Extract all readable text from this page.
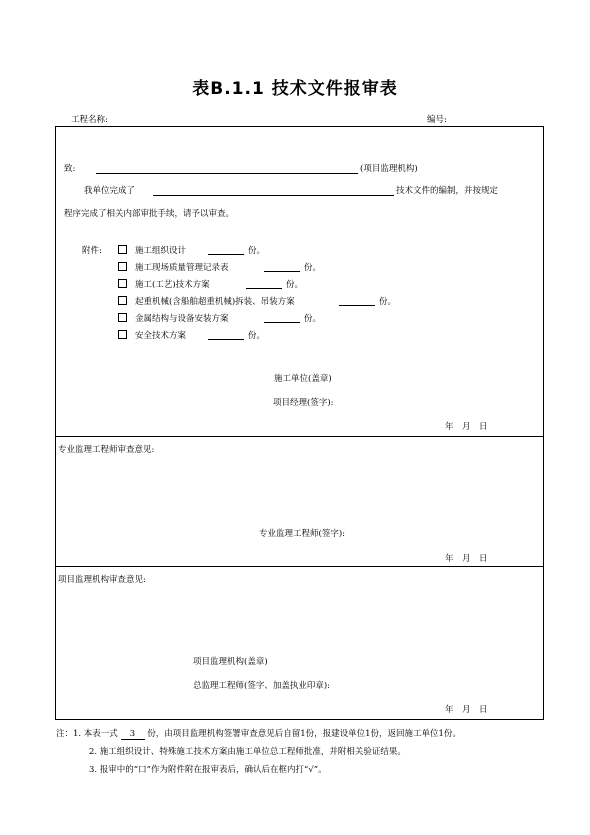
表B.1.1 技术文件报审表
工程名称:	编号:
致:	(项目监理机构)
我单位完成了	技术文件的编制，并按规定
程序完成了相关内部审批手续，请予以审查。
附件:	施工组织设计	份。
施工现场质量管理记录表	份。
施工(工艺)技术方案	份。
起重机械(含船舶超重机械)拆装、吊装方案	份。
金属结构与设备安装方案	份。
安全技术方案	份。
施工单位(盖章)
项目经理(签字):
年　月　日
专业监理工程师审查意见:
专业监理工程师(签字):
年　月　日
项目监理机构审查意见:
项目监理机构(盖章)
总监理工程师(签字、加盖执业印章):
年　月　日
注：1. 本表一式 3 份，由项目监理机构签署审查意见后自留1份，报建设单位1份，返回施工单位1份。
2. 施工组织设计、特殊施工技术方案由施工单位总工程师批准，并附相关验证结果。
3. 报审中的“口”作为附件附在报审表后，确认后在框内打“√”。
